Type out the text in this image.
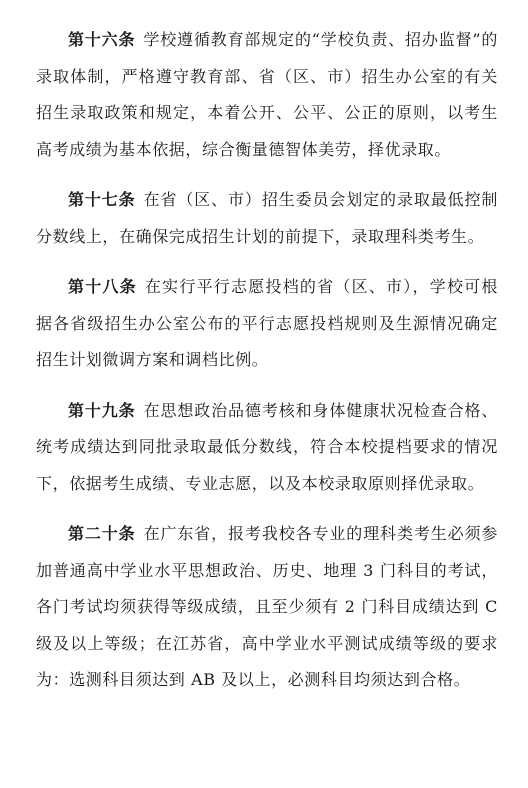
第十六条 学校遵循教育部规定的“学校负责、招办监督”的录取体制，严格遵守教育部、省（区、市）招生办公室的有关招生录取政策和规定，本着公开、公平、公正的原则，以考生高考成绩为基本依据，综合衡量德智体美劳，择优录取。

第十七条 在省（区、市）招生委员会划定的录取最低控制分数线上，在确保完成招生计划的前提下，录取理科类考生。

第十八条 在实行平行志愿投档的省（区、市），学校可根据各省级招生办公室公布的平行志愿投档规则及生源情况确定招生计划微调方案和调档比例。

第十九条 在思想政治品德考核和身体健康状况检查合格、统考成绩达到同批录取最低分数线，符合本校提档要求的情况下，依据考生成绩、专业志愿，以及本校录取原则择优录取。

第二十条 在广东省，报考我校各专业的理科类考生必须参加普通高中学业水平思想政治、历史、地理 3 门科目的考试，各门考试均须获得等级成绩，且至少须有 2 门科目成绩达到 C 级及以上等级；在江苏省，高中学业水平测试成绩等级的要求为：选测科目须达到 AB 及以上，必测科目均须达到合格。
